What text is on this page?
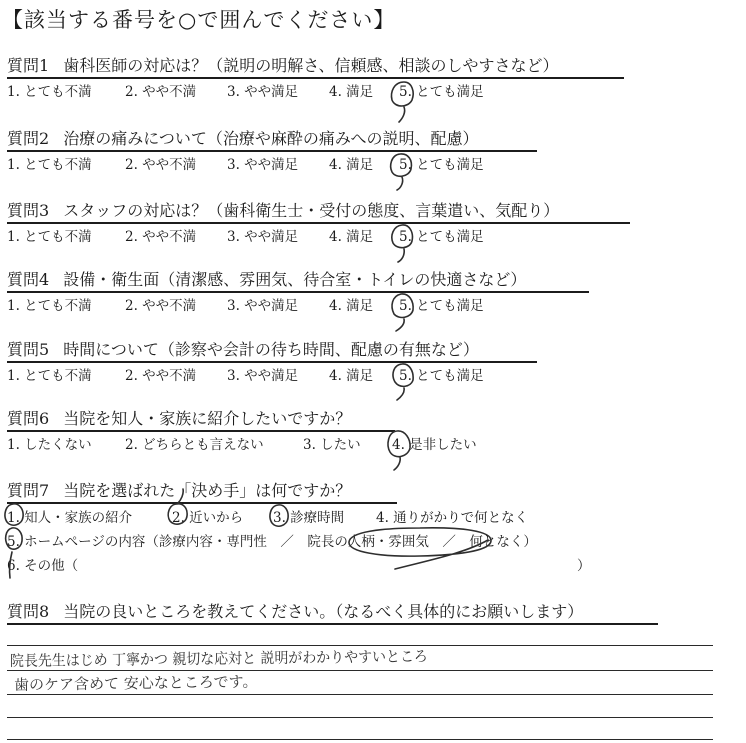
【該当する番号を○で囲んでください】
質問1 歯科医師の対応は？（説明の明解さ、信頼感、相談のしやすさなど）
1. とても不満 2. やや不満 3. やや満足 4. 満足 5. とても満足
質問2 治療の痛みについて（治療や麻酔の痛みへの説明、配慮）
1. とても不満 2. やや不満 3. やや満足 4. 満足 5. とても満足
質問3 スタッフの対応は？（歯科衛生士・受付の態度、言葉遣い、気配り）
1. とても不満 2. やや不満 3. やや満足 4. 満足 5. とても満足
質問4 設備・衛生面（清潔感、雰囲気、待合室・トイレの快適さなど）
1. とても不満 2. やや不満 3. やや満足 4. 満足 5. とても満足
質問5 時間について（診察や会計の待ち時間、配慮の有無など）
1. とても不満 2. やや不満 3. やや満足 4. 満足 5. とても満足
質問6 当院を知人・家族に紹介したいですか？
1. したくない 2. どちらとも言えない	3. したい 4. 是非したい
質問7 当院を選ばれた「決め手」は何ですか？
1. 知人・家族の紹介	2. 近いから 3. 診療時間 4. 通りがかりで何となく
5. ホームページの内容（診療内容・専門性　／　院長の人柄・雰囲気　／　何となく）
6. その他（	）
質問8 当院の良いところを教えてください。（なるべく具体的にお願いします）
院長先生はじめ 丁寧かつ 親切な応対と 説明がわかりやすいところ
歯のケア含めて 安心なところです。
